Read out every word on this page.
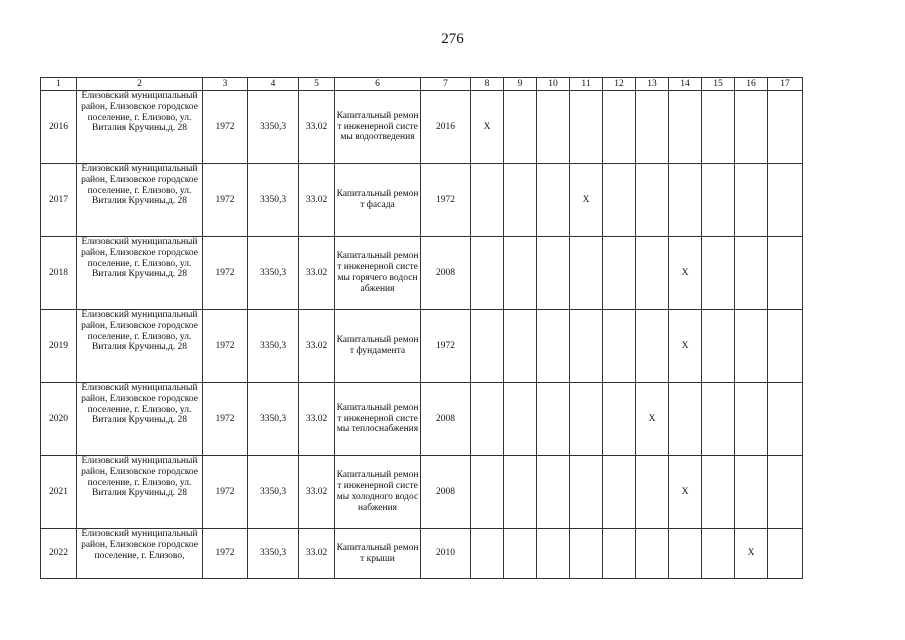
276
1	2	3	4	5	6	7	8	9	10	11	12	13	14	15	16	17
2016	Елизовский муниципальный район, Елизовское городское поселение, г. Елизово, ул. Виталия Кручины,д. 28	1972	3350,3	33.02	Капитальный ремонт инженерной системы водоотведения	2016	X									
2017	Елизовский муниципальный район, Елизовское городское поселение, г. Елизово, ул. Виталия Кручины,д. 28	1972	3350,3	33.02	Капитальный ремонт фасада	1972				X						
2018	Елизовский муниципальный район, Елизовское городское поселение, г. Елизово, ул. Виталия Кручины,д. 28	1972	3350,3	33.02	Капитальный ремонт инженерной системы горячего водоснабжения	2008							X			
2019	Елизовский муниципальный район, Елизовское городское поселение, г. Елизово, ул. Виталия Кручины,д. 28	1972	3350,3	33.02	Капитальный ремонт фундамента	1972							X			
2020	Елизовский муниципальный район, Елизовское городское поселение, г. Елизово, ул. Виталия Кручины,д. 28	1972	3350,3	33.02	Капитальный ремонт инженерной системы теплоснабжения	2008						X				
2021	Елизовский муниципальный район, Елизовское городское поселение, г. Елизово, ул. Виталия Кручины,д. 28	1972	3350,3	33.02	Капитальный ремонт инженерной системы холодного водоснабжения	2008							X			
2022	Елизовский муниципальный район, Елизовское городское поселение, г. Елизово,	1972	3350,3	33.02	Капитальный ремонт крыши	2010									X	
